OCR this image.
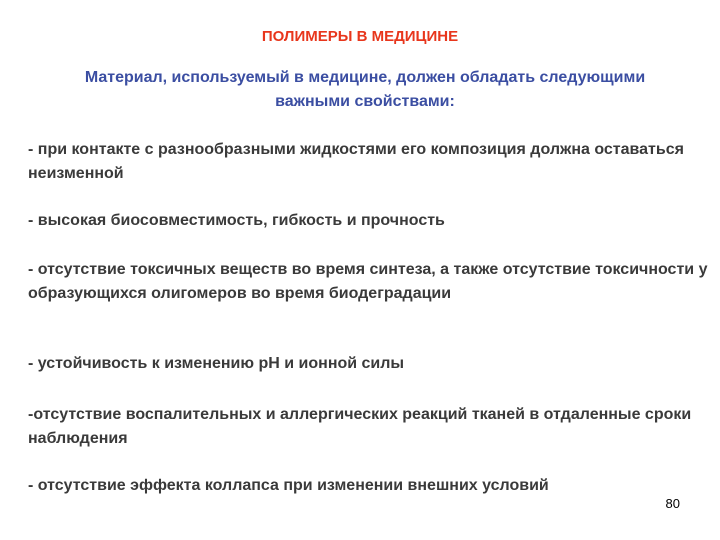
ПОЛИМЕРЫ В МЕДИЦИНЕ
Материал, используемый в медицине, должен обладать следующими важными свойствами:
- при контакте с разнообразными жидкостями его композиция должна оставаться неизменной
- высокая биосовместимость, гибкость и прочность
- отсутствие токсичных веществ во время синтеза, а также отсутствие токсичности у образующихся олигомеров во время биодеградации
- устойчивость к изменению рН и ионной силы
-отсутствие воспалительных и аллергических реакций тканей в отдаленные сроки наблюдения
- отсутствие эффекта коллапса при изменении внешних условий
80
